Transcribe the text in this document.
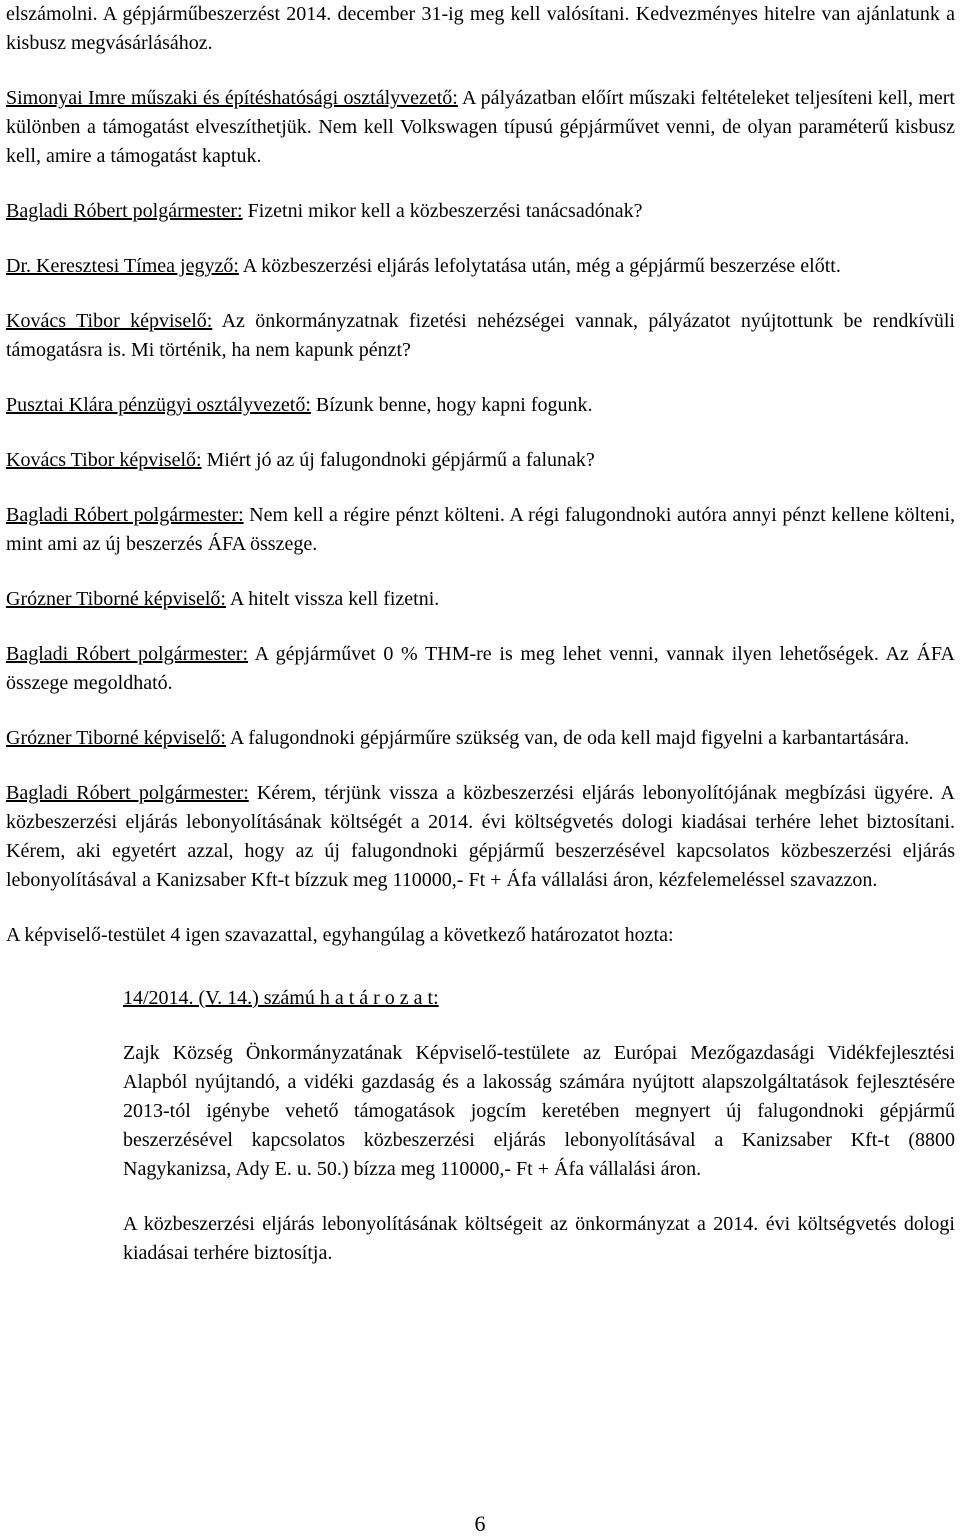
elszámolni. A gépjárműbeszerzést 2014. december 31-ig meg kell valósítani. Kedvezményes hitelre van ajánlatunk a kisbusz megvásárlásához.

Simonyai Imre műszaki és építéshatósági osztályvezető: A pályázatban előírt műszaki feltételeket teljesíteni kell, mert különben a támogatást elveszíthetjük. Nem kell Volkswagen típusú gépjárművet venni, de olyan paraméterű kisbusz kell, amire a támogatást kaptuk.

Bagladi Róbert polgármester: Fizetni mikor kell a közbeszerzési tanácsadónak?

Dr. Keresztesi Tímea jegyző: A közbeszerzési eljárás lefolytatása után, még a gépjármű beszerzése előtt.

Kovács Tibor képviselő: Az önkormányzatnak fizetési nehézségei vannak, pályázatot nyújtottunk be rendkívüli támogatásra is. Mi történik, ha nem kapunk pénzt?

Pusztai Klára pénzügyi osztályvezető: Bízunk benne, hogy kapni fogunk.

Kovács Tibor képviselő: Miért jó az új falugondnoki gépjármű a falunak?

Bagladi Róbert polgármester: Nem kell a régire pénzt költeni. A régi falugondnoki autóra annyi pénzt kellene költeni, mint ami az új beszerzés ÁFA összege.

Grózner Tiborné képviselő: A hitelt vissza kell fizetni.

Bagladi Róbert polgármester: A gépjárművet 0 % THM-re is meg lehet venni, vannak ilyen lehetőségek. Az ÁFA összege megoldható.

Grózner Tiborné képviselő: A falugondnoki gépjárműre szükség van, de oda kell majd figyelni a karbantartására.

Bagladi Róbert polgármester: Kérem, térjünk vissza a közbeszerzési eljárás lebonyolítójának megbízási ügyére. A közbeszerzési eljárás lebonyolításának költségét a 2014. évi költségvetés dologi kiadásai terhére lehet biztosítani. Kérem, aki egyetért azzal, hogy az új falugondnoki gépjármű beszerzésével kapcsolatos közbeszerzési eljárás lebonyolításával a Kanizsaber Kft-t bízzuk meg 110000,- Ft + Áfa vállalási áron, kézfelemeléssel szavazzon.

A képviselő-testület 4 igen szavazattal, egyhangúlag a következő határozatot hozta:

14/2014. (V. 14.) számú h a t á r o z a t:

Zajk Község Önkormányzatának Képviselő-testülete az Európai Mezőgazdasági Vidékfejlesztési Alapból nyújtandó, a vidéki gazdaság és a lakosság számára nyújtott alapszolgáltatások fejlesztésére 2013-tól igénybe vehető támogatások jogcím keretében megnyert új falugondnoki gépjármű beszerzésével kapcsolatos közbeszerzési eljárás lebonyolításával a Kanizsaber Kft-t (8800 Nagykanizsa, Ady E. u. 50.) bízza meg 110000,- Ft + Áfa vállalási áron.

A közbeszerzési eljárás lebonyolításának költségeit az önkormányzat a 2014. évi költségvetés dologi kiadásai terhére biztosítja.

6
